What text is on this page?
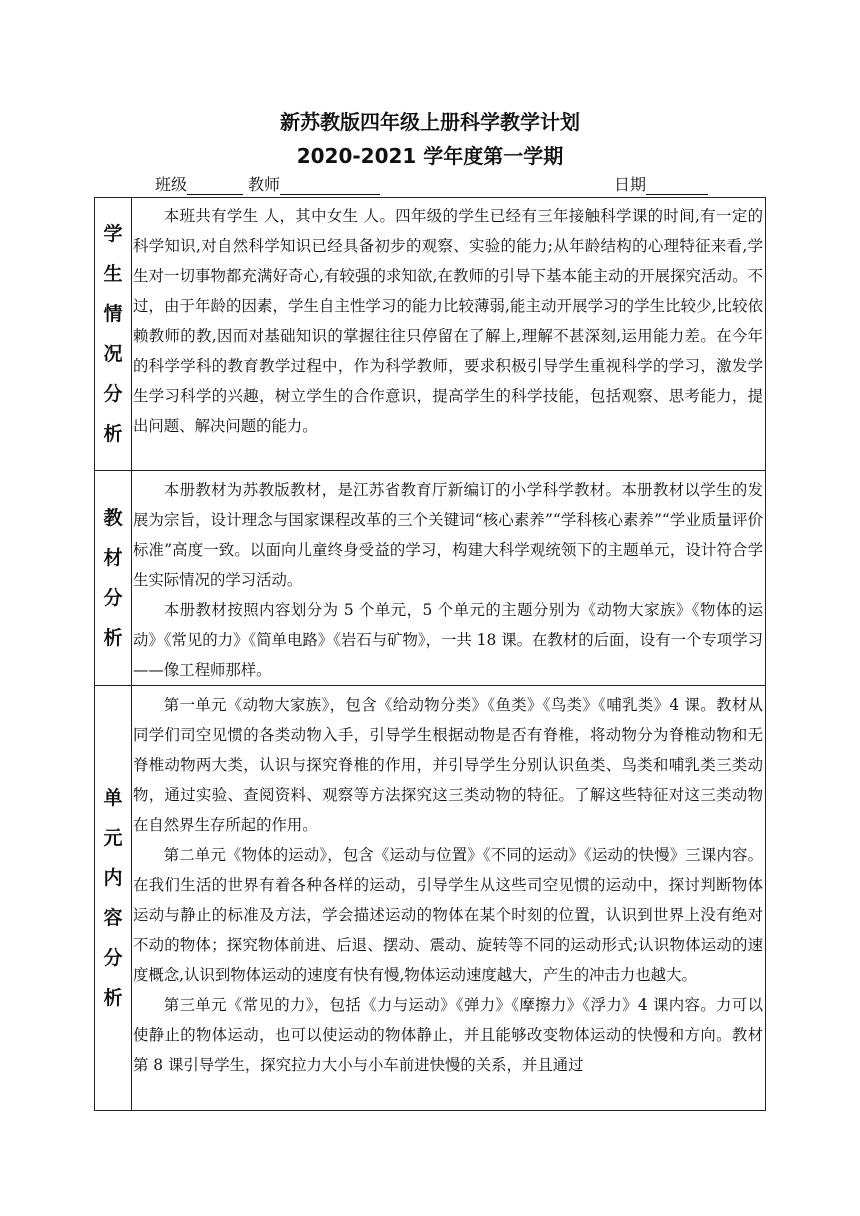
新苏教版四年级上册科学教学计划
2020-2021 学年度第一学期
班级	教师	日期
学
生
情
况
分
析

本班共有学生 人，其中女生 人。四年级的学生已经有三年接触科学课的时间,有一定的科学知识,对自然科学知识已经具备初步的观察、实验的能力;从年龄结构的心理特征来看,学生对一切事物都充满好奇心,有较强的求知欲,在教师的引导下基本能主动的开展探究活动。不过，由于年龄的因素，学生自主性学习的能力比较薄弱,能主动开展学习的学生比较少,比较依赖教师的教,因而对基础知识的掌握往往只停留在了解上,理解不甚深刻,运用能力差。在今年的科学学科的教育教学过程中，作为科学教师，要求积极引导学生重视科学的学习，激发学生学习科学的兴趣，树立学生的合作意识，提高学生的科学技能，包括观察、思考能力，提出问题、解决问题的能力。

教
材
分
析

本册教材为苏教版教材，是江苏省教育厅新编订的小学科学教材。本册教材以学生的发展为宗旨，设计理念与国家课程改革的三个关键词“核心素养”“学科核心素养”“学业质量评价标准”高度一致。以面向儿童终身受益的学习，构建大科学观统领下的主题单元，设计符合学生实际情况的学习活动。

本册教材按照内容划分为 5 个单元，5 个单元的主题分别为《动物大家族》《物体的运动》《常见的力》《简单电路》《岩石与矿物》，一共 18 课。在教材的后面，设有一个专项学习——像工程师那样。

单
元
内
容
分
析

第一单元《动物大家族》，包含《给动物分类》《鱼类》《鸟类》《哺乳类》4 课。教材从同学们司空见惯的各类动物入手，引导学生根据动物是否有脊椎，将动物分为脊椎动物和无脊椎动物两大类，认识与探究脊椎的作用，并引导学生分别认识鱼类、鸟类和哺乳类三类动物，通过实验、查阅资料、观察等方法探究这三类动物的特征。了解这些特征对这三类动物在自然界生存所起的作用。

第二单元《物体的运动》，包含《运动与位置》《不同的运动》《运动的快慢》三课内容。在我们生活的世界有着各种各样的运动，引导学生从这些司空见惯的运动中，探讨判断物体运动与静止的标准及方法，学会描述运动的物体在某个时刻的位置，认识到世界上没有绝对不动的物体；探究物体前进、后退、摆动、震动、旋转等不同的运动形式;认识物体运动的速度概念,认识到物体运动的速度有快有慢,物体运动速度越大，产生的冲击力也越大。

第三单元《常见的力》，包括《力与运动》《弹力》《摩擦力》《浮力》4 课内容。力可以使静止的物体运动，也可以使运动的物体静止，并且能够改变物体运动的快慢和方向。教材第 8 课引导学生，探究拉力大小与小车前进快慢的关系，并且通过
